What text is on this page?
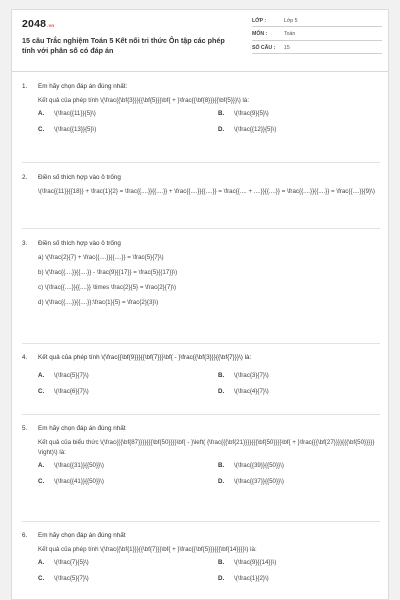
2048.vn
15 câu Trắc nghiệm Toán 5 Kết nối tri thức Ôn tập các phép tính với phân số có đáp án
LỚP :	Lớp 5
MÔN :	Toán
SỐ CÂU :	15
1.	Em hãy chọn đáp án đúng nhất:

Kết quả của phép tính \(\frac{{\bf{3}}}{{\bf{5}}}\bf{ + }\frac{{\bf{8}}}{{\bf{5}}}\) là:

A.	\(\frac{{11}}{5}\)	B.	\(\frac{9}{5}\)
C.	\(\frac{{13}}{5}\)	D.	\(\frac{{12}}{5}\)
2.	Điền số thích hợp vào ô trống

\(\frac{{11}}{{18}} + \frac{1}{2} = \frac{{....}}{{....}} + \frac{{....}}{{....}} = \frac{{.... + ....}}{{....}} = \frac{{....}}{{....}} = \frac{{....}}{9}\)

3.	Điền số thích hợp vào ô trống

a) \(\frac{2}{7} + \frac{{....}}{{....}} = \frac{5}{7}\)

b) \(\frac{{....}}{{....}} - \frac{9}{{17}} = \frac{5}{{17}}\)

c) \(\frac{{....}}{{....}} \times \frac{2}{5} = \frac{2}{7}\)

d) \(\frac{{....}}{{....}}:\frac{1}{5} = \frac{2}{3}\)

4.	Kết quả của phép tính \(\frac{{\bf{9}}}{{\bf{7}}}\bf{ - }\frac{{\bf{3}}}{{\bf{7}}}\) là:
A.	\(\frac{5}{7}\)	B.	\(\frac{3}{7}\)
C.	\(\frac{6}{7}\)	D.	\(\frac{4}{7}\)
5.	Em hãy chọn đáp án đúng nhất

Kết quả của biểu thức \(\frac{{{\bf{87}}}}{{{\bf{50}}}}\bf{ - }\left( {\frac{{{\bf{21}}}}{{{\bf{50}}}}\bf{ + }\frac{{{\bf{27}}}}{{{\bf{50}}}}} \right)\) là:

A.	\(\frac{{31}}{{50}}\)	B.	\(\frac{{39}}{{50}}\)
C.	\(\frac{{41}}{{50}}\)	D.	\(\frac{{37}}{{50}}\)
6.	Em hãy chọn đáp án đúng nhất

Kết quả của phép tính \(\frac{{\bf{1}}}{{\bf{7}}}\bf{ + }\frac{{\bf{5}}}{{{\bf{14}}}}\) là:

A.	\(\frac{7}{5}\)	B.	\(\frac{9}{{14}}\)
C.	\(\frac{5}{7}\)	D.	\(\frac{1}{2}\)
